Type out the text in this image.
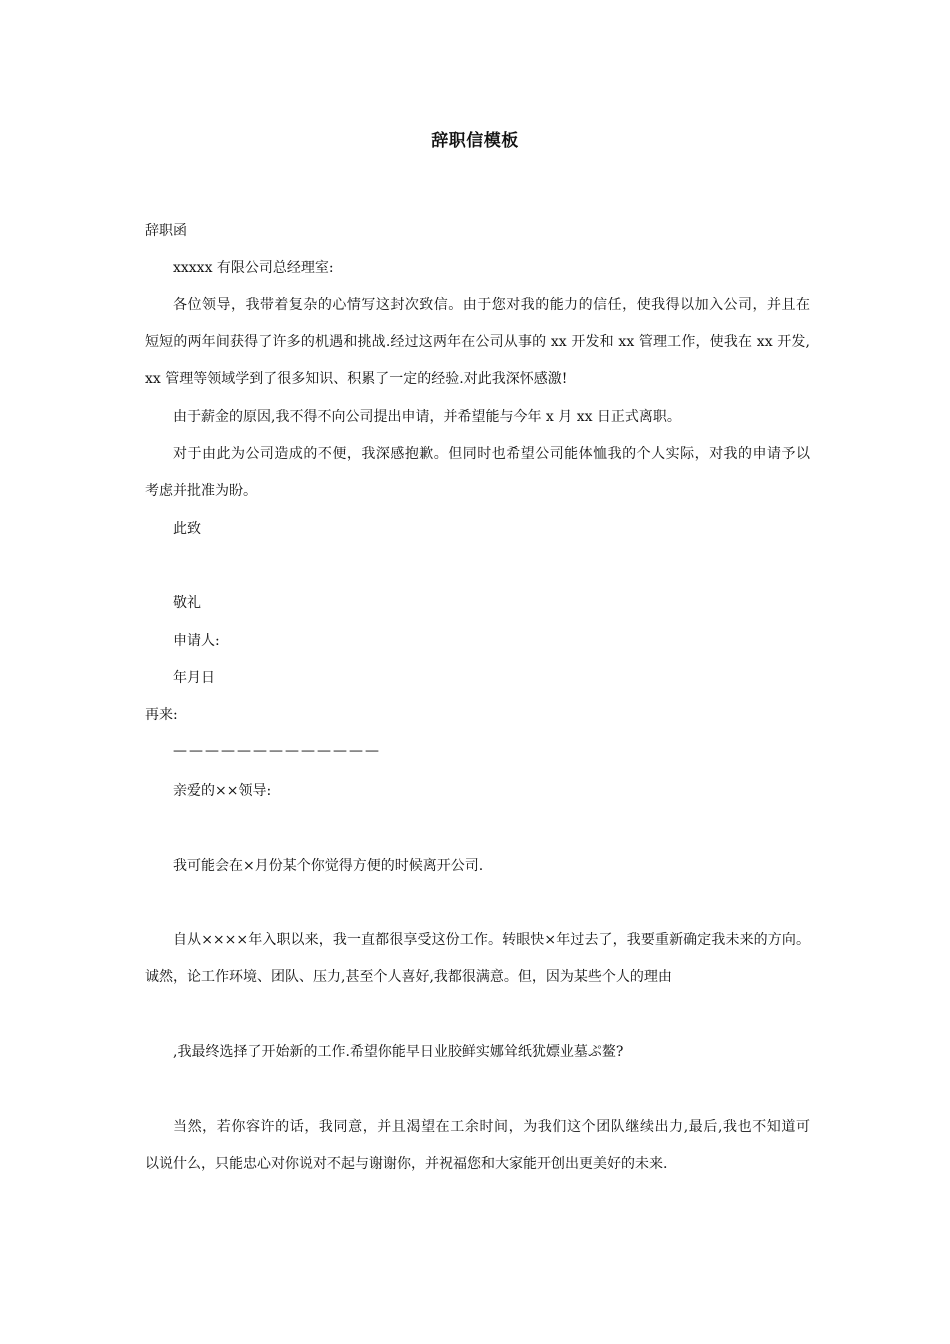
辞职信模板
辞职函
xxxxx 有限公司总经理室:
各位领导，我带着复杂的心情写这封次致信。由于您对我的能力的信任，使我得以加入公司，并且在
短短的两年间获得了许多的机遇和挑战.经过这两年在公司从事的 xx 开发和 xx 管理工作，使我在 xx 开发,
xx 管理等领域学到了很多知识、积累了一定的经验.对此我深怀感激!
由于薪金的原因,我不得不向公司提出申请，并希望能与今年 x 月 xx 日正式离职。
对于由此为公司造成的不便，我深感抱歉。但同时也希望公司能体恤我的个人实际，对我的申请予以
考虑并批准为盼。
此致
敬礼
申请人:
年月日
再来:
—————————————
亲爱的××领导:
我可能会在×月份某个你觉得方便的时候离开公司.
自从××××年入职以来，我一直都很享受这份工作。转眼快×年过去了，我要重新确定我未来的方向。
诚然，论工作环境、团队、压力,甚至个人喜好,我都很满意。但，因为某些个人的理由
,我最终选择了开始新的工作.希望你能早日业胶鲜实娜耸纸犹嫖业墓ぷ鳌?
当然，若你容许的话，我同意，并且渴望在工余时间，为我们这个团队继续出力,最后,我也不知道可
以说什么，只能忠心对你说对不起与谢谢你，并祝福您和大家能开创出更美好的未来.
